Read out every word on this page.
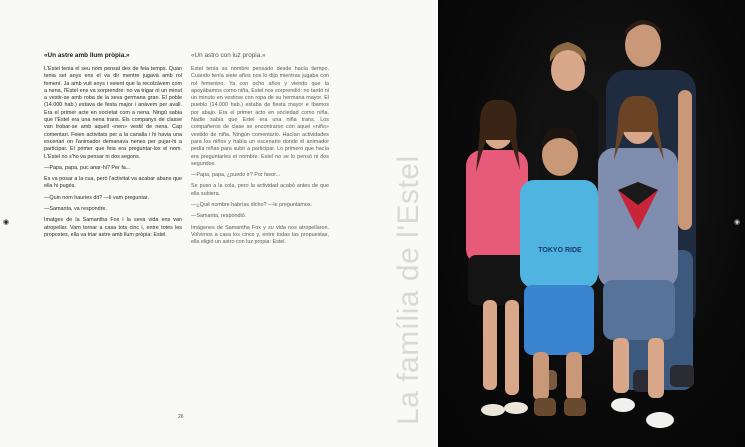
◉
«Un astre amb llum pròpia.»

L'Estel tenia el seu nom pensat des de feia temps. Quan tenia set anys ens el va dir mentre jugavà amb rol femení. Ja amb vuit anys i veient que la recolzàvem com a nena, l'Estel ens va sorprendre: no va trigar ni un minut a vestir-se amb roba de la seva germana gran. El poble (14.000 hab.) estava de festa major i anàvem per avall. Era el primer acte en societat com a nena. Ningú sabia que l'Estel era una nena trans. Els companys de classe van trobar-se amb aquell «nen» vestit de nena. Cap comentari. Feien activitats per a la canalla i hi havia una escenari on l'animador demanava nenes per pujar-hi a participar. El primer que feia era preguntar-los el nom. L'Estel no s'ho va pensar ni dos segons.

—Papa, papa, puc anar-hi? Per fa...

Es va posar a la cua, però l'activitat va acabar abans que ella hi pugés.

—Quin nom hauries dit? —li vam preguntar.

—Samanta, va respondre.

Imatges de la Samantha Fox i la seva vida ens van atropellar. Vam tornar a casa tots cinc i, entre totes les propostes, ella va triar astre amb llum pròpia: Estel.

«Un astro con luz propia.»

Estel tenía su nombre pensado desde hacía tiempo. Cuando tenía siete años nos lo dijo mientras jugaba con rol femenino. Ya con ocho años y viendo que la apoyábamos como niña, Estel nos sorprendió: no tardó ni un minuto en vestirse con ropa de su hermana mayor. El pueblo (14.000 hab.) estaba de fiesta mayor e íbamos por abajo. Era el primer acto en sociedad como niña. Nadie sabía que Estel era una niña trans. Los compañeros de clase se encontraron con aquel «niño» vestido de niña. Ningún comentario. Hacían actividades para los niños y había un escenario donde el animador pedía niñas para subir a participar. Lo primero que hacía era preguntarles el nombre. Estel no se lo pensó ni dos segundos.

—Papa, papa, ¿puedo ir? Por favor...

Se puso a la cola, pero la actividad acabó antes de que ella subiera.

—¿Qué nombre habrías dicho? —le preguntamos.

—Samanta, respondió.

Imágenes de Samantha Fox y su vida nos atropellaron. Volvimos a casa los cinco y, entre todas las propuestas, ella eligió un astro con luz propia: Estel.

26	La família de l'Estel	TOKYO RIDE
◉
